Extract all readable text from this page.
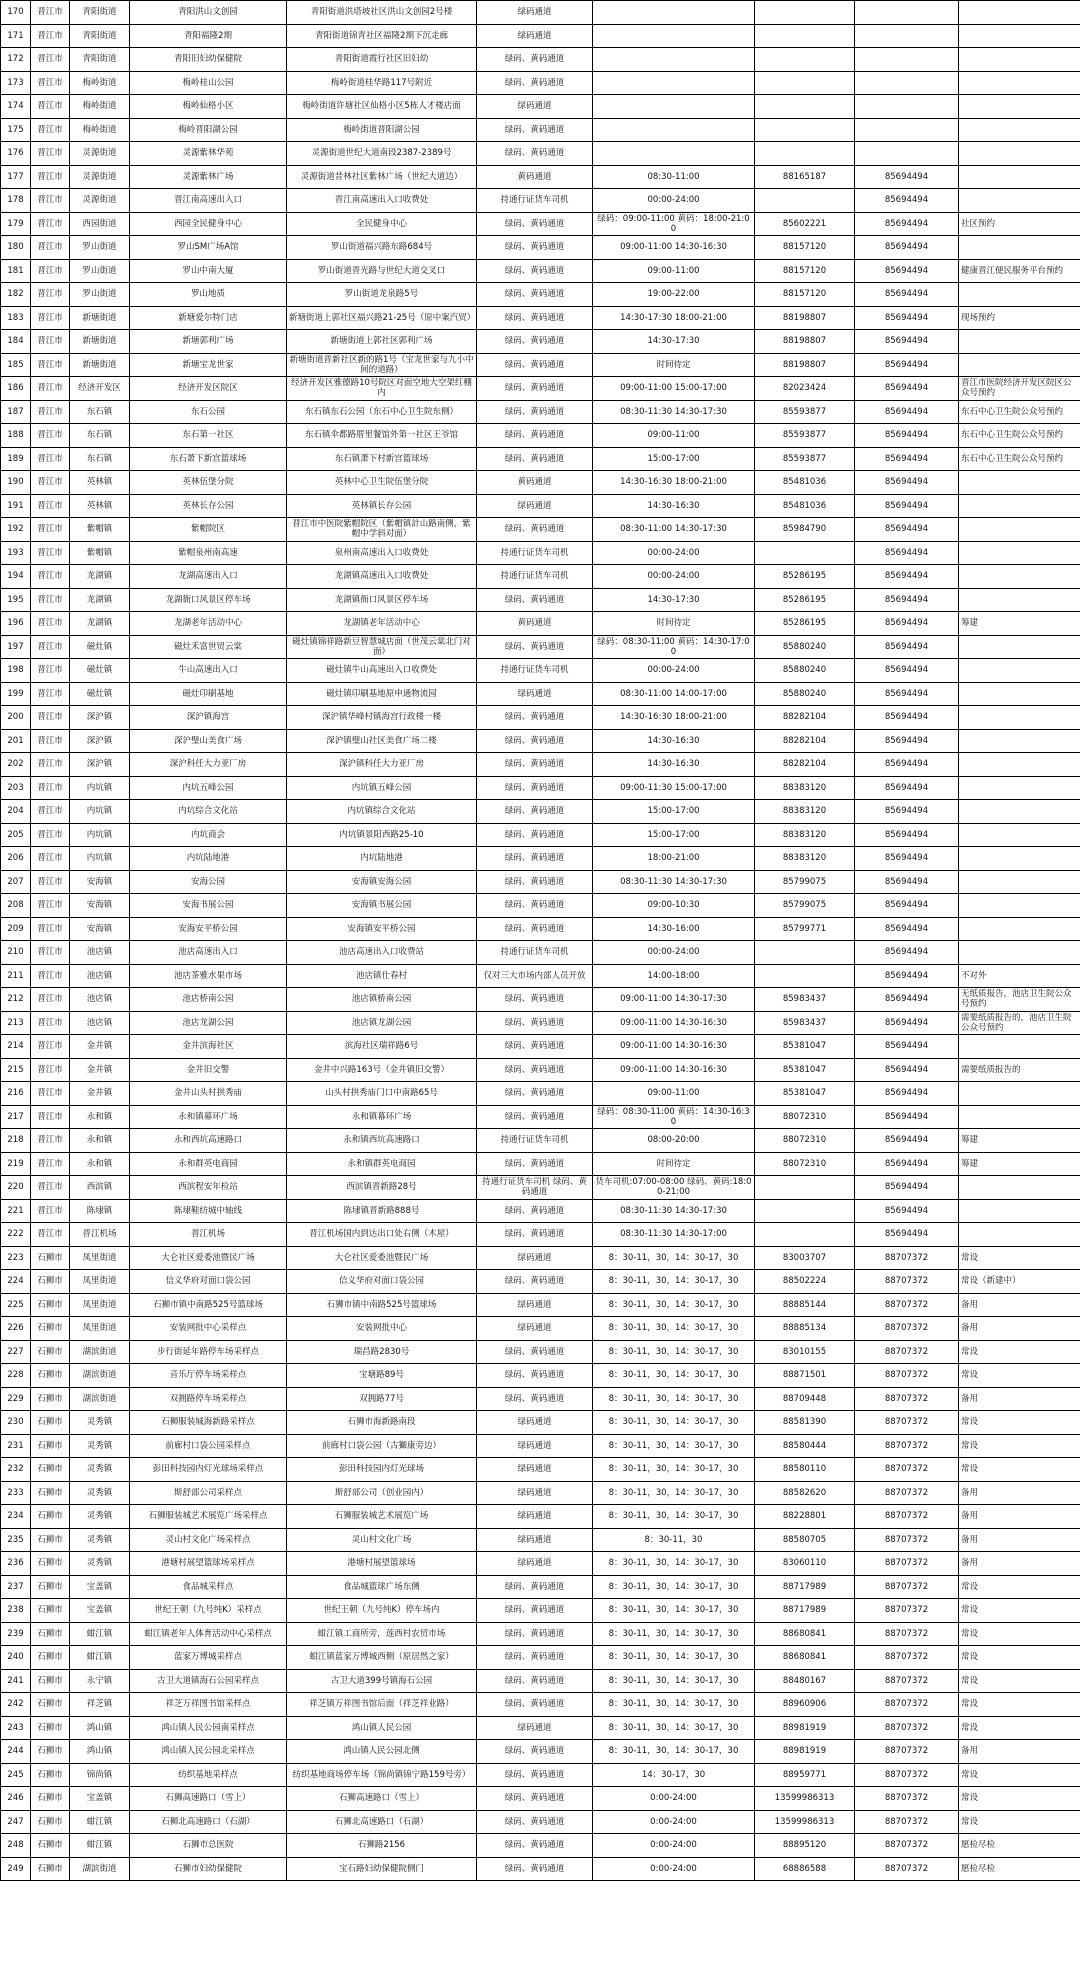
170	晋江市	青阳街道	青阳洪山文创园	青阳街道洪塔坡社区洪山文创园2号楼	绿码通道				
171	晋江市	青阳街道	青阳福隆2期	青阳街道锦青社区福隆2期下沉走廊	绿码通道				
172	晋江市	青阳街道	青阳旧妇幼保健院	青阳街道霞行社区旧妇幼	绿码、黄码通道				
173	晋江市	梅岭街道	梅岭桂山公园	梅岭街道桂华路117号附近	绿码、黄码通道				
174	晋江市	梅岭街道	梅岭仙格小区	梅岭街道许塘社区仙格小区5栋人才楼店面	绿码通道				
175	晋江市	梅岭街道	梅岭晋阳湖公园	梅岭街道晋阳湖公园	绿码、黄码通道				
176	晋江市	灵源街道	灵源紫林华苑	灵源街道世纪大道南段2387-2389号	绿码、黄码通道				
177	晋江市	灵源街道	灵源紫林广场	灵源街道昔林社区紫林广场（世纪大道边）	黄码通道	08:30-11:00	88165187	85694494	
178	晋江市	灵源街道	晋江南高速出入口	晋江南高速出入口收费处	持通行证货车司机	00:00-24:00		85694494	
179	晋江市	西园街道	西园全民健身中心	全民健身中心	绿码、黄码通道	绿码：09:00-11:00 黄码：18:00-21:00	85602221	85694494	社区预约
180	晋江市	罗山街道	罗山SM广场A馆	罗山街道福兴路东路684号	绿码、黄码通道	09:00-11:00 14:30-16:30	88157120	85694494	
181	晋江市	罗山街道	罗山中南大厦	罗山街道晋光路与世纪大道交叉口	绿码、黄码通道	09:00-11:00	88157120	85694494	健康晋江便民服务平台预约
182	晋江市	罗山街道	罗山地质	罗山街道龙泉路5号	绿码、黄码通道	19:00-22:00	88157120	85694494	
183	晋江市	新塘街道	新塘爱尔特门店	新塘街道上郭社区福兴路21-25号（原中案汽贸）	绿码、黄码通道	14:30-17:30 18:00-21:00	88198807	85694494	现场预约
184	晋江市	新塘街道	新塘郭利广场	新塘街道上郭社区郭利广场	绿码、黄码通道	14:30-17:30	88198807	85694494	
185	晋江市	新塘街道	新塘宝龙世家	新塘街道晋新社区新的路1号（宝龙世家与九小中间的道路）	绿码、黄码通道	时间待定	88198807	85694494	
186	晋江市	经济开发区	经济开发区院区	经济开发区雅德路10号院区对面空地大空架红棚内	绿码、黄码通道	09:00-11:00 15:00-17:00	82023424	85694494	晋江市医院经济开发区院区公众号预约
187	晋江市	东石镇	东石公园	东石镇东石公园（东石中心卫生院东侧）	绿码、黄码通道	08:30-11:30 14:30-17:30	85593877	85694494	东石中心卫生院公众号预约
188	晋江市	东石镇	东石第一社区	东石镇伞都路厝里餐馆外第一社区王爷馆	绿码、黄码通道	09:00-11:00	85593877	85694494	东石中心卫生院公众号预约
189	晋江市	东石镇	东石萧下新宫篮球场	东石镇萧下村新宫篮球场	绿码、黄码通道	15:00-17:00	85593877	85694494	东石中心卫生院公众号预约
190	晋江市	英林镇	英林伍堡分院	英林中心卫生院伍堡分院	黄码通道	14:30-16:30 18:00-21:00	85481036	85694494	
191	晋江市	英林镇	英林长存公园	英林镇长存公园	绿码通道	14:30-16:30	85481036	85694494	
192	晋江市	紫帽镇	紫帽院区	晋江市中医院紫帽院区（紫帽镇計山路南侧，紫帽中学斜对面）	绿码、黄码通道	08:30-11:00 14:30-17:30	85984790	85694494	
193	晋江市	紫帽镇	紫帽泉州南高速	泉州南高速出入口收费处	持通行证货车司机	00:00-24:00		85694494	
194	晋江市	龙湖镇	龙湖高速出入口	龙湖镇高速出入口收费处	持通行证货车司机	00:00-24:00	85286195	85694494	
195	晋江市	龙湖镇	龙湖衙口风景区停车场	龙湖镇衙口风景区停车场	绿码、黄码通道	14:30-17:30	85286195	85694494	
196	晋江市	龙湖镇	龙湖老年活动中心	龙湖镇老年活动中心	黄码通道	时间待定	85286195	85694494	筹建
197	晋江市	磁灶镇	磁灶禾富世贸云棠	磁灶镇锦祥路新豆智慧城店面（世茂云棠北门对面）	绿码、黄码通道	绿码：08:30-11:00 黄码：14:30-17:00	85880240	85694494	
198	晋江市	磁灶镇	牛山高速出入口	磁灶镇牛山高速出入口收费处	持通行证货车司机	00:00-24:00	85880240	85694494	
199	晋江市	磁灶镇	磁灶印刷基地	磁灶镇印刷基地原申通物流园	绿码通道	08:30-11:00 14:00-17:00	85880240	85694494	
200	晋江市	深沪镇	深沪镇海宫	深沪镇华峰村镇海宫行政楼一楼	绿码、黄码通道	14:30-16:30 18:00-21:00	88282104	85694494	
201	晋江市	深沪镇	深沪璧山美食广场	深沪镇璧山社区美食广场二楼	绿码、黄码通道	14:30-16:30	88282104	85694494	
202	晋江市	深沪镇	深沪科任大力亚厂房	深沪镇科任大力亚厂房	绿码、黄码通道	14:30-16:30	88282104	85694494	
203	晋江市	内坑镇	内坑五峰公园	内坑镇五峰公园	绿码、黄码通道	09:00-11:30 15:00-17:00	88383120	85694494	
204	晋江市	内坑镇	内坑综合文化站	内坑镇综合文化站	绿码、黄码通道	15:00-17:00	88383120	85694494	
205	晋江市	内坑镇	内坑商会	内坑镇景阳西路25-10	绿码、黄码通道	15:00-17:00	88383120	85694494	
206	晋江市	内坑镇	内坑陆地港	内坑陆地港	绿码、黄码通道	18:00-21:00	88383120	85694494	
207	晋江市	安海镇	安海公园	安海镇安海公园	绿码、黄码通道	08:30-11:30 14:30-17:30	85799075	85694494	
208	晋江市	安海镇	安海书展公园	安海镇书展公园	绿码、黄码通道	09:00-10:30	85799075	85694494	
209	晋江市	安海镇	安海安平桥公园	安海镇安平桥公园	绿码、黄码通道	14:30-16:00	85799771	85694494	
210	晋江市	池店镇	池店高速出入口	池店高速出入口收费站	持通行证货车司机	00:00-24:00		85694494	
211	晋江市	池店镇	池店茶雅水果市场	池店镇仕春村	仅对三大市场内部人员开放	14:00-18:00		85694494	不对外
212	晋江市	池店镇	池店桥南公园	池店镇桥南公园	绿码、黄码通道	09:00-11:00 14:30-17:30	85983437	85694494	无纸质报告，池店卫生院公众号预约
213	晋江市	池店镇	池店龙湖公园	池店镇龙湖公园	绿码、黄码通道	09:00-11:00 14:30-16:30	85983437	85694494	需要纸质报告的，池店卫生院公众号预约
214	晋江市	金井镇	金井滨海社区	滨海社区瑞祥路6号	绿码、黄码通道	09:00-11:00 14:30-16:30	85381047	85694494	
215	晋江市	金井镇	金井旧交警	金井中兴路163号（金井镇旧交警）	绿码、黄码通道	09:00-11:00 14:30-16:30	85381047	85694494	需要纸质报告的
216	晋江市	金井镇	金井山头村拱秀庙	山头村拱秀庙门口中南路65号	绿码、黄码通道	09:00-11:00	85381047	85694494	
217	晋江市	永和镇	永和镇幕环广场	永和镇幕环广场	绿码、黄码通道	绿码：08:30-11:00 黄码：14:30-16:30	88072310	85694494	
218	晋江市	永和镇	永和西坑高速路口	永和镇西坑高速路口	持通行证货车司机	08:00-20:00	88072310	85694494	筹建
219	晋江市	永和镇	永和群英电商园	永和镇群英电商园	绿码、黄码通道	时间待定	88072310	85694494	筹建
220	晋江市	西滨镇	西滨程安年检站	西滨镇晋新路28号	持通行证货车司机 绿码、黄码通道	货车司机:07:00-08:00 绿码、黄码:18:00-21:00		85694494	
221	晋江市	陈埭镇	陈埭鞋纺城中轴线	陈埭镇晋新路888号	绿码、黄码通道	08:30-11:30 14:30-17:30		85694494	
222	晋江市	晋江机场	晋江机场	晋江机场国内到达出口处右侧（木屋）	绿码、黄码通道	08:30-11:30 14:30-17:00		85694494	
223	石狮市	凤里街道	大仑社区爱委池暨民广场	大仑社区爱委池暨民广场	绿码通道	8：30-11，30，14：30-17，30	83003707	88707372	常设
224	石狮市	凤里街道	信义华府对面口袋公园	信义华府对面口袋公园	绿码、黄码通道	8：30-11，30，14：30-17，30	88502224	88707372	常设（新建中）
225	石狮市	凤里街道	石狮市镇中南路525号篮球场	石狮市镇中南路525号篮球场	绿码通道	8：30-11，30，14：30-17，30	88885144	88707372	备用
226	石狮市	凤里街道	安装网批中心采样点	安装网批中心	绿码通道	8：30-11，30，14：30-17，30	88885134	88707372	备用
227	石狮市	湖滨街道	步行街延年路停车场采样点	瑞昌路2830号	绿码、黄码通道	8：30-11，30，14：30-17，30	83010155	88707372	常设
228	石狮市	湖滨街道	音乐厅停车场采样点	宝塘路89号	绿码、黄码通道	8：30-11，30，14：30-17，30	88871501	88707372	常设
229	石狮市	湖滨街道	双拥路停车场采样点	双拥路77号	绿码、黄码通道	8：30-11，30，14：30-17，30	88709448	88707372	备用
230	石狮市	灵秀镇	石狮服装城海新路采样点	石狮市海新路南段	绿码通道	8：30-11，30，14：30-17，30	88581390	88707372	常设
231	石狮市	灵秀镇	前廊村口袋公园采样点	前廊村口袋公园（古獅康旁边）	绿码通道	8：30-11，30，14：30-17，30	88580444	88707372	常设
232	石狮市	灵秀镇	彭田科技园内灯光球场采样点	彭田科技园内灯光球场	绿码通道	8：30-11，30，14：30-17，30	88580110	88707372	常设
233	石狮市	灵秀镇	斯舒部公司采样点	斯舒部公司（创业园内）	绿码通道	8：30-11，30，14：30-17，30	88582620	88707372	备用
234	石狮市	灵秀镇	石狮服装城艺术展览广场采样点	石狮服装城艺术展览广场	绿码通道	8：30-11，30，14：30-17，30	88228801	88707372	备用
235	石狮市	灵秀镇	灵山村文化广场采样点	灵山村文化广场	绿码通道	8：30-11，30	88580705	88707372	备用
236	石狮市	灵秀镇	港塘村展望篮球场采样点	港塘村展望篮球场	绿码通道	8：30-11，30，14：30-17，30	83060110	88707372	备用
237	石狮市	宝盖镇	食品城采样点	食品城篮球广场东侧	绿码、黄码通道	8：30-11，30，14：30-17，30	88717989	88707372	常设
238	石狮市	宝盖镇	世纪王朝（九号纯K）采样点	世纪王朝（九号纯K）停车场内	绿码、黄码通道	8：30-11，30，14：30-17，30	88717989	88707372	常设
239	石狮市	蚶江镇	蚶江镇老年人体育活动中心采样点	蚶江镇工商所旁，莲西村农贸市场	绿码、黄码通道	8：30-11，30，14：30-17，30	88680841	88707372	常设
240	石狮市	蚶江镇	蓝家万博城采样点	蚶江镇蓝家万博城西侧（原居然之家）	绿码、黄码通道	8：30-11，30，14：30-17，30	88680841	88707372	常设
241	石狮市	永宁镇	古卫大道镇海石公园采样点	古卫大道399号镇海石公园	绿码、黄码通道	8：30-11，30，14：30-17，30	88480167	88707372	常设
242	石狮市	祥芝镇	祥芝万祥图书馆采样点	祥芝镇万祥图书馆后面（祥芝祥业路）	绿码、黄码通道	8：30-11，30，14：30-17，30	88960906	88707372	常设
243	石狮市	鸿山镇	鸿山镇人民公园南采样点	鸿山镇人民公园	绿码通道	8：30-11，30，14：30-17，30	88981919	88707372	常设
244	石狮市	鸿山镇	鸿山镇人民公园北采样点	鸿山镇人民公园北侧	绿码、黄码通道	8：30-11，30，14：30-17，30	88981919	88707372	备用
245	石狮市	锦尚镇	纺织基地采样点	纺织基地商场停车场（锦尚镇锦宁路159号旁）	绿码、黄码通道	14：30-17，30	88959771	88707372	常设
246	石狮市	宝盖镇	石狮高速路口（雪上）	石狮高速路口（雪上）	绿码、黄码通道	0:00-24:00	13599986313	88707372	常设
247	石狮市	蚶江镇	石狮北高速路口（石湖）	石狮北高速路口（石湖）	绿码、黄码通道	0:00-24:00	13599986313	88707372	常设
248	石狮市	蚶江镇	石狮市总医院	石狮路2156	绿码、黄码通道	0:00-24:00	88895120	88707372	愿检尽检
249	石狮市	湖滨街道	石狮市妇幼保健院	宝石路妇幼保健院侧门	绿码、黄码通道	0:00-24:00	68886588	88707372	愿检尽检
